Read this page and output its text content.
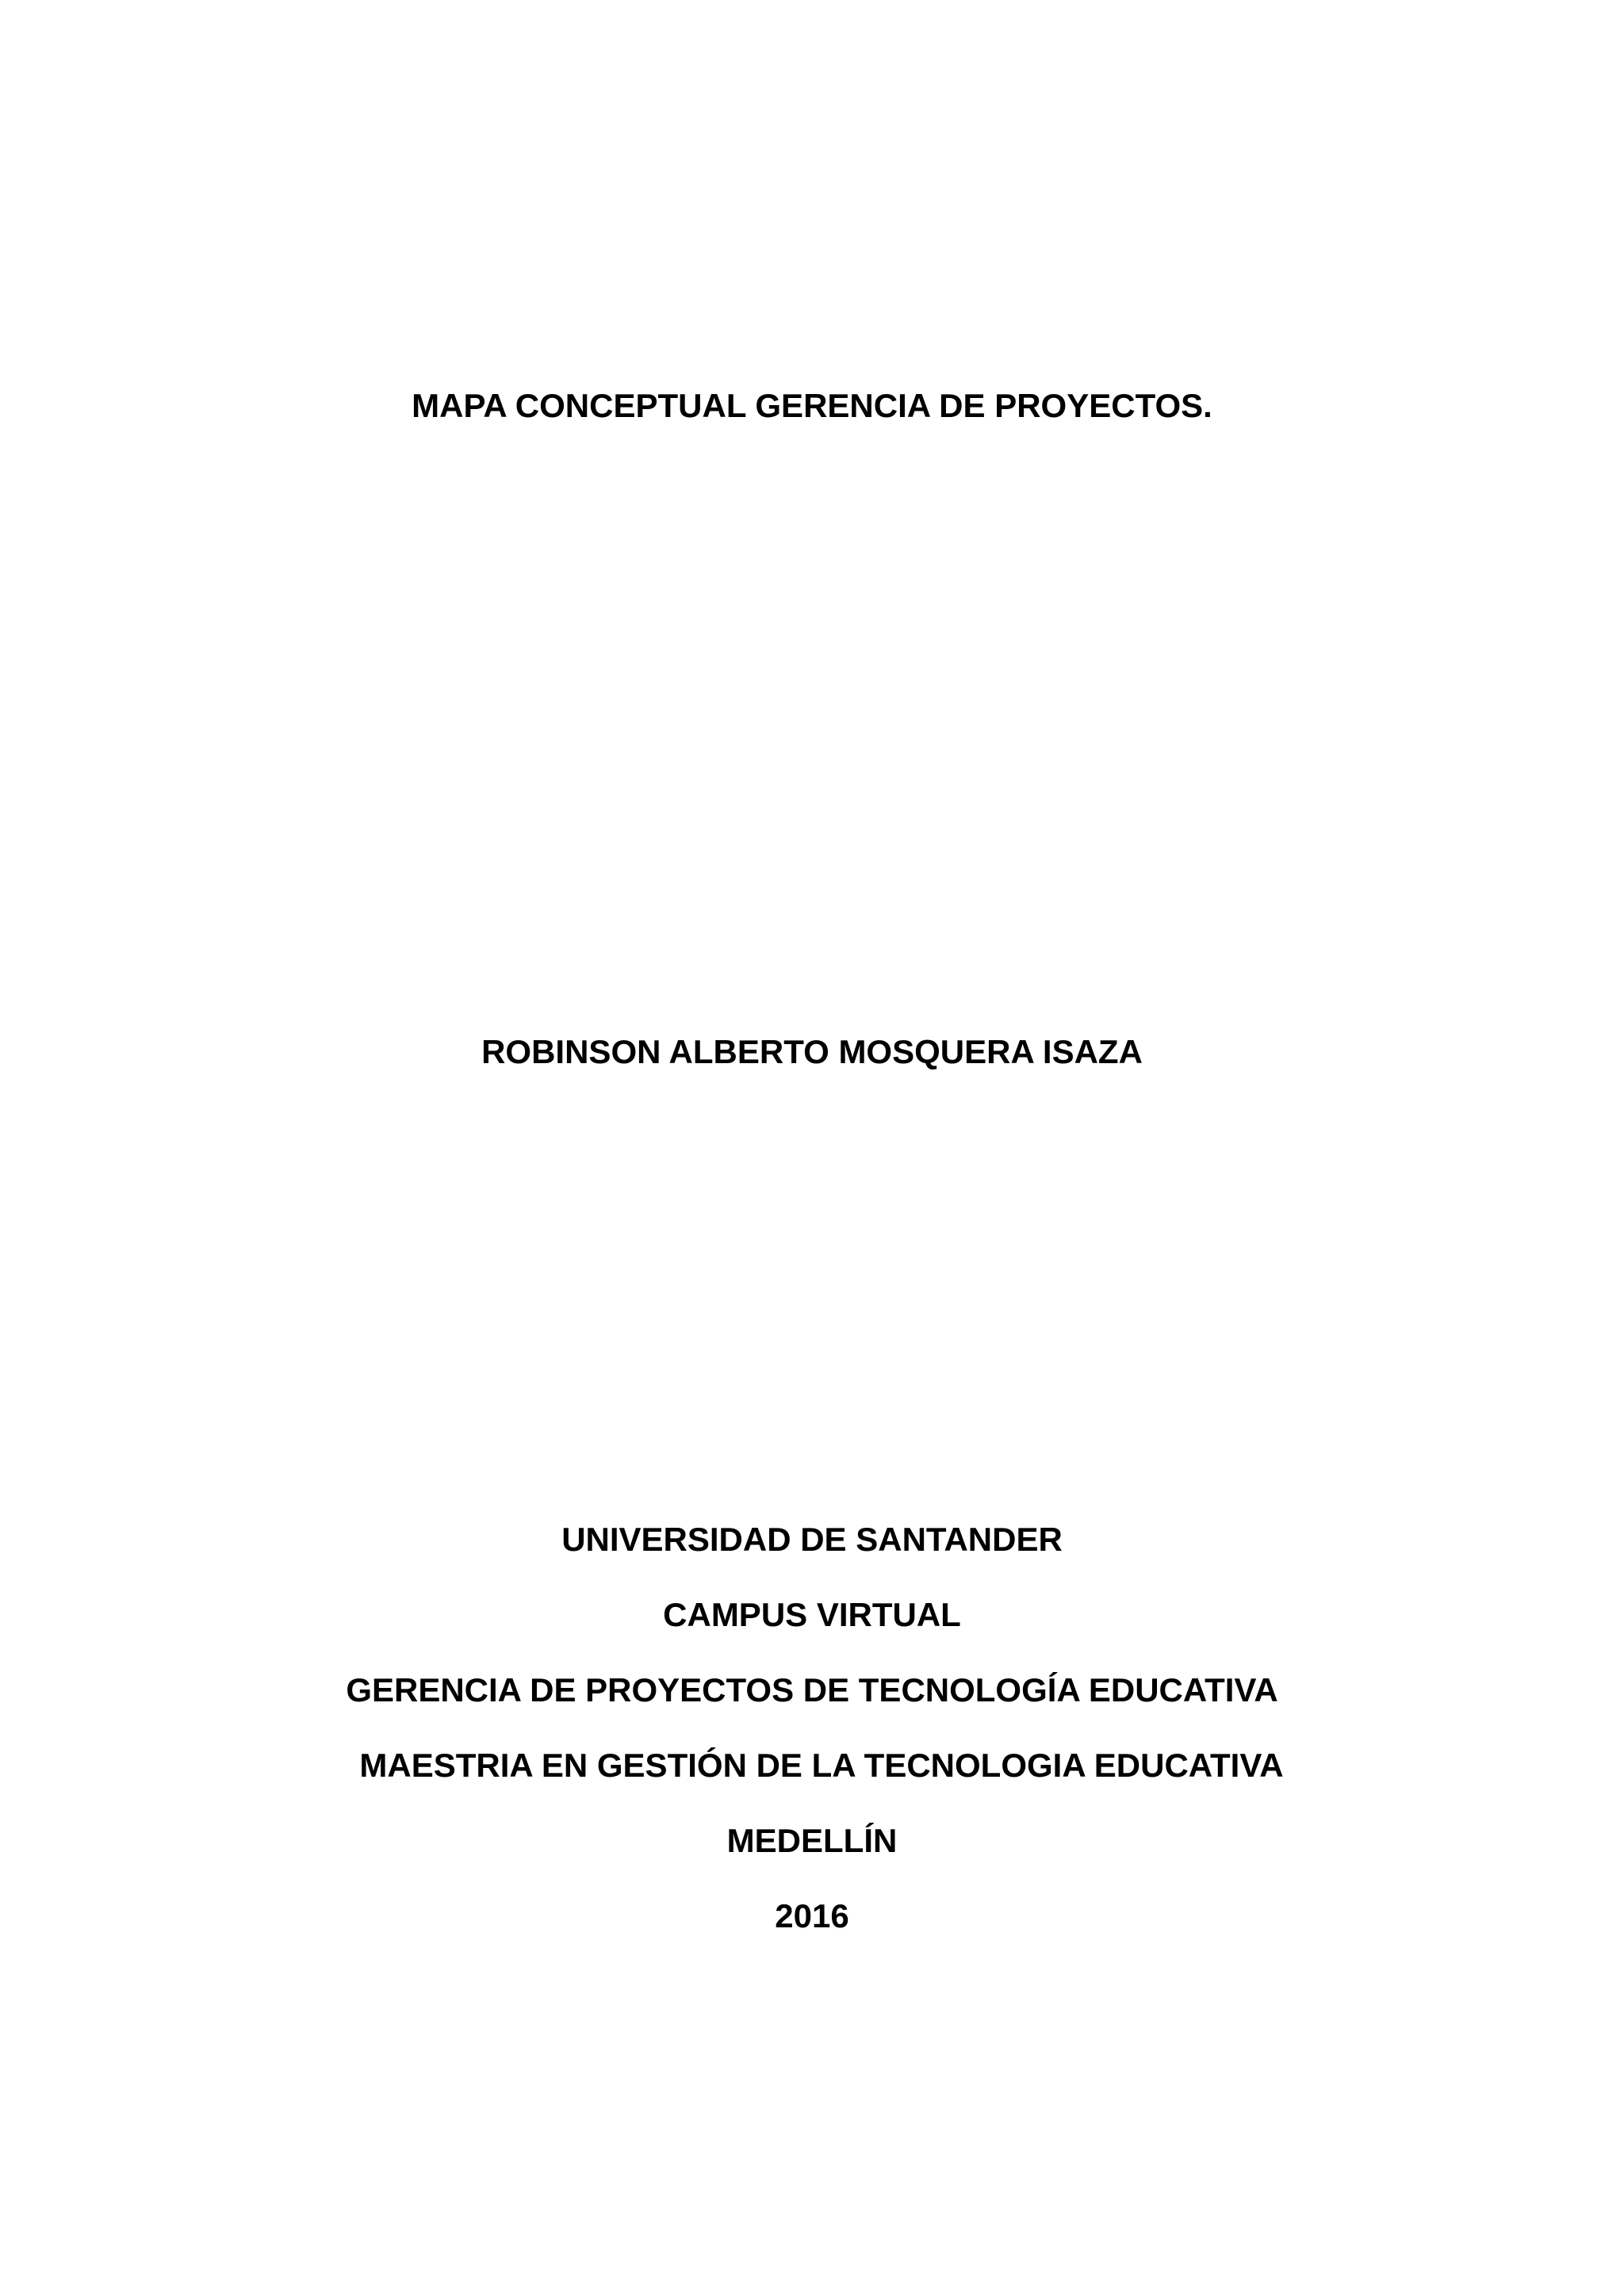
MAPA CONCEPTUAL GERENCIA DE PROYECTOS.
ROBINSON ALBERTO MOSQUERA ISAZA
UNIVERSIDAD DE SANTANDER
CAMPUS VIRTUAL
GERENCIA DE PROYECTOS DE TECNOLOGÍA EDUCATIVA
MAESTRIA EN GESTIÓN DE LA TECNOLOGIA EDUCATIVA
MEDELLÍN
2016
